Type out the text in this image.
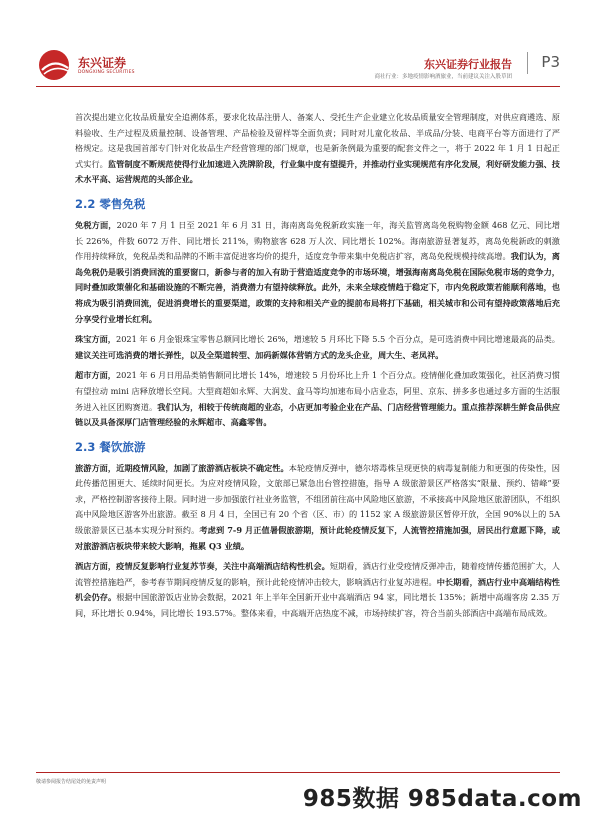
东兴证券
DONGXING SECURITIES
东兴证券行业报告 P3
商社行业：多地疫情影响酒旅业，当前建议关注入股草团

首次提出建立化妆品质量安全追溯体系，要求化妆品注册人、备案人、受托生产企业建立化妆品质量安全管理制度，对供应商遴选、原料验收、生产过程及质量控制、设备管理、产品检验及留样等全面负责；同时对儿童化妆品、半成品/分装、电商平台等方面进行了严格规定。这是我国首部专门针对化妆品生产经营管理的部门规章，也是新条例最为重要的配套文件之一，将于 2022 年 1 月 1 日起正式实行。监管制度不断规范使得行业加速进入洗牌阶段，行业集中度有望提升，并推动行业实现规范有序化发展，利好研发能力强、技术水平高、运营规范的头部企业。

2.2 零售免税

免税方面，2020 年 7 月 1 日至 2021 年 6 月 31 日，海南离岛免税新政实施一年，海关监管离岛免税购物金额 468 亿元、同比增长 226%，件数 6072 万件、同比增长 211%，购物旅客 628 万人次、同比增长 102%。海南旅游显著复苏，离岛免税新政的刺激作用持续释放，免税品类和品牌的不断丰富促进客均价的提升，适度竞争带来集中免税店扩容，离岛免税规模持续高增。我们认为，离岛免税仍是吸引消费回流的重要窗口，新参与者的加入有助于营造适度竞争的市场环境，增强海南离岛免税在国际免税市场的竞争力，同时叠加政策催化和基础设施的不断完善，消费潜力有望持续释放。此外，未来全球疫情趋于稳定下，市内免税政策若能顺利落地，也将成为吸引消费回流，促进消费增长的重要渠道，政策的支持和相关产业的提前布局将打下基础，相关城市和公司有望持政策落地后充分享受行业增长红利。

珠宝方面，2021 年 6 月金银珠宝零售总额同比增长 26%，增速较 5 月环比下降 5.5 个百分点，是可选消费中同比增速最高的品类。建议关注可选消费的增长弹性，以及全渠道转型、加码新媒体营销方式的龙头企业，周大生、老凤祥。

超市方面，2021 年 6 月日用品类销售额同比增长 14%，增速较 5 月份环比上升 1 个百分点。疫情催化叠加政策强化，社区消费习惯有望拉动 mini 店释放增长空间。大型商超如永辉、大润发、盒马等均加速布局小店业态，阿里、京东、拼多多也通过多方面的生活服务进入社区团购赛道。我们认为，相较于传统商超的业态，小店更加考验企业在产品、门店经营管理能力。重点推荐深耕生鲜食品供应链以及具备深厚门店管理经验的永辉超市、高鑫零售。

2.3 餐饮旅游

旅游方面，近期疫情风险，加剧了旅游酒店板块不确定性。本轮疫情反弹中，德尔塔毒株呈现更快的病毒复制能力和更强的传染性，因此传播范围更大、延续时间更长。为应对疫情风险，文旅部已紧急出台管控措施，指导 A 级旅游景区严格落实“限量、预约、错峰”要求，严格控制游客接待上限。同时进一步加强旅行社业务监管，不组团前往高中风险地区旅游，不承接高中风险地区旅游团队，不组织高中风险地区游客外出旅游。截至 8 月 4 日，全国已有 20 个省（区、市）的 1152 家 A 级旅游景区暂停开放，全国 90%以上的 5A 级旅游景区已基本实现分时预约。考虑到 7-9 月正值暑假旅游期，预计此轮疫情反复下，人流管控措施加强，居民出行意愿下降，或对旅游酒店板块带来较大影响，拖累 Q3 业绩。

酒店方面，疫情反复影响行业复苏节奏，关注中高端酒店结构性机会。短期看，酒店行业受疫情反弹冲击，随着疫情传播范围扩大，人流管控措施趋严，参考春节期间疫情反复的影响，预计此轮疫情冲击较大，影响酒店行业复苏进程。中长期看，酒店行业中高端结构性机会仍存。根据中国旅游饭店业协会数据，2021 年上半年全国新开业中高端酒店 94 家，同比增长 135%；新增中高端客房 2.35 万间，环比增长 0.94%，同比增长 193.57%。整体来看，中高端开店热度不减，市场持续扩容，符合当前头部酒店中高端布局成效。

敬请参阅报告结尾处的免责声明
985数据 985data.com
